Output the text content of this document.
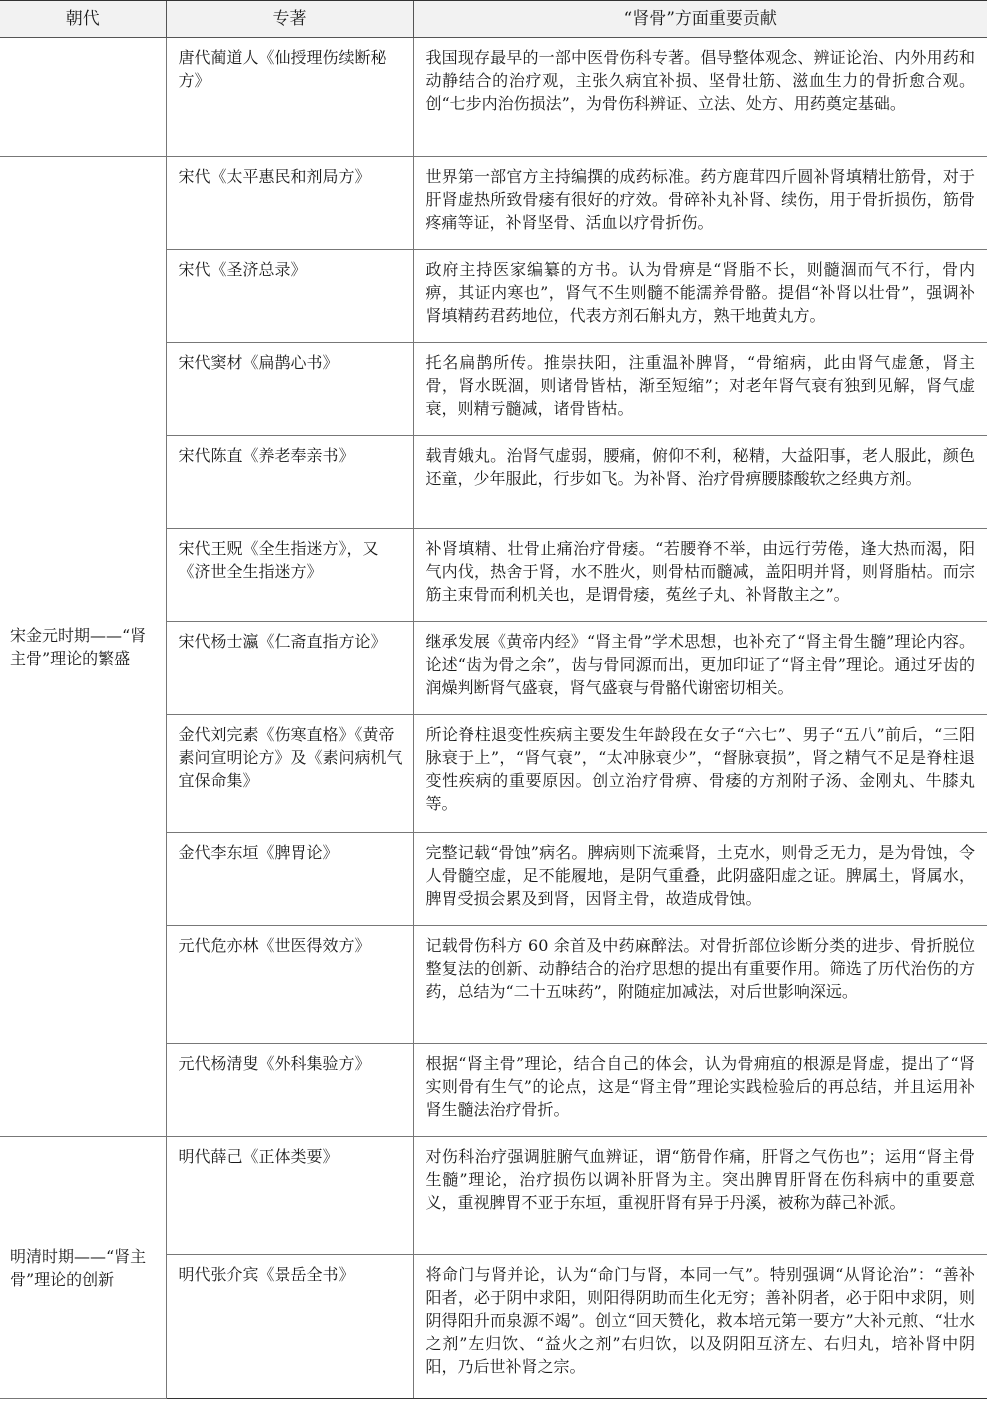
朝代	专著	“肾骨”方面重要贡献
	唐代蔺道人《仙授理伤续断秘方》	我国现存最早的一部中医骨伤科专著。倡导整体观念、辨证论治、内外用药和动静结合的治疗观，主张久病宜补损、坚骨壮筋、滋血生力的骨折愈合观。创“七步内治伤损法”，为骨伤科辨证、立法、处方、用药奠定基础。
宋金元时期——“肾主骨”理论的繁盛	宋代《太平惠民和剂局方》	世界第一部官方主持编撰的成药标准。药方鹿茸四斤圆补肾填精壮筋骨，对于肝肾虚热所致骨痿有很好的疗效。骨碎补丸补肾、续伤，用于骨折损伤，筋骨疼痛等证，补肾坚骨、活血以疗骨折伤。
	宋代《圣济总录》	政府主持医家编纂的方书。认为骨痹是“肾脂不长，则髓涸而气不行，骨内痹，其证内寒也”，肾气不生则髓不能濡养骨骼。提倡“补肾以壮骨”，强调补肾填精药君药地位，代表方剂石斛丸方，熟干地黄丸方。
	宋代窦材《扁鹊心书》	托名扁鹊所传。推崇扶阳，注重温补脾肾，“骨缩病，此由肾气虚惫，肾主骨，肾水既涸，则诸骨皆枯，渐至短缩”；对老年肾气衰有独到见解，肾气虚衰，则精亏髓减，诸骨皆枯。
	宋代陈直《养老奉亲书》	载青娥丸。治肾气虚弱，腰痛，俯仰不利，秘精，大益阳事，老人服此，颜色还童，少年服此，行步如飞。为补肾、治疗骨痹腰膝酸软之经典方剂。
	宋代王贶《全生指迷方》，又《济世全生指迷方》	补肾填精、壮骨止痛治疗骨痿。“若腰脊不举，由远行劳倦，逢大热而渴，阳气内伐，热舍于肾，水不胜火，则骨枯而髓减，盖阳明并肾，则肾脂枯。而宗筋主束骨而利机关也，是谓骨痿，菟丝子丸、补肾散主之”。
	宋代杨士瀛《仁斋直指方论》	继承发展《黄帝内经》“肾主骨”学术思想，也补充了“肾主骨生髓”理论内容。论述“齿为骨之余”，齿与骨同源而出，更加印证了“肾主骨”理论。通过牙齿的润燥判断肾气盛衰，肾气盛衰与骨骼代谢密切相关。
	金代刘完素《伤寒直格》《黄帝素问宣明论方》及《素问病机气宜保命集》	所论脊柱退变性疾病主要发生年龄段在女子“六七”、男子“五八”前后，“三阳脉衰于上”，“肾气衰”，“太冲脉衰少”，“督脉衰损”，肾之精气不足是脊柱退变性疾病的重要原因。创立治疗骨痹、骨痿的方剂附子汤、金刚丸、牛膝丸等。
	金代李东垣《脾胃论》	完整记载“骨蚀”病名。脾病则下流乘肾，土克水，则骨乏无力，是为骨蚀，令人骨髓空虚，足不能履地，是阴气重叠，此阴盛阳虚之证。脾属土，肾属水，脾胃受损会累及到肾，因肾主骨，故造成骨蚀。
	元代危亦林《世医得效方》	记载骨伤科方 60 余首及中药麻醉法。对骨折部位诊断分类的进步、骨折脱位整复法的创新、动静结合的治疗思想的提出有重要作用。筛选了历代治伤的方药，总结为“二十五味药”，附随症加减法，对后世影响深远。
	元代杨清叟《外科集验方》	根据“肾主骨”理论，结合自己的体会，认为骨痈疽的根源是肾虚，提出了“肾实则骨有生气”的论点，这是“肾主骨”理论实践检验后的再总结，并且运用补肾生髓法治疗骨折。
明清时期——“肾主骨”理论的创新	明代薛己《正体类要》	对伤科治疗强调脏腑气血辨证，谓“筋骨作痛，肝肾之气伤也”；运用“肾主骨生髓”理论，治疗损伤以调补肝肾为主。突出脾胃肝肾在伤科病中的重要意义，重视脾胃不亚于东垣，重视肝肾有异于丹溪，被称为薛己补派。
	明代张介宾《景岳全书》	将命门与肾并论，认为“命门与肾，本同一气”。特别强调“从肾论治”：“善补阳者，必于阴中求阳，则阳得阴助而生化无穷；善补阴者，必于阳中求阴，则阴得阳升而泉源不竭”。创立“回天赞化，救本培元第一要方”大补元煎、“壮水之剂”左归饮、“益火之剂”右归饮，以及阴阳互济左、右归丸，培补肾中阴阳，乃后世补肾之宗。
